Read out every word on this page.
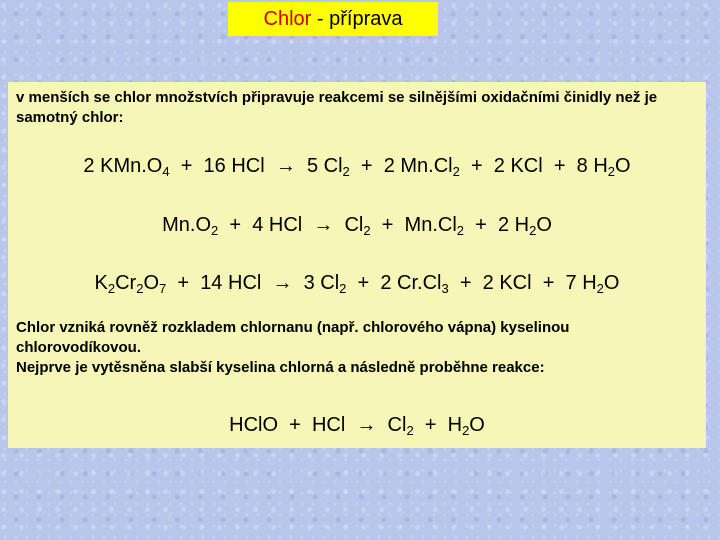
Chlor - příprava
v menších se chlor množstvích připravuje reakcemi se silnějšími oxidačními činidly než je samotný chlor:
2 $KMn.O_4 + 16$ HCl → 5 $Cl_2 + 2$ $Mn.Cl_2 + 2$ KCl + 8 $H_2O$
$Mn.O_2 + 4$ HCl → $Cl_2 + Mn.Cl_2 + 2$ $H_2O$
$K_2Cr_2O_7 + 14$ HCl → 3 $Cl_2 + 2$ $Cr.Cl_3 + 2$ KCl + 7 $H_2O$
Chlor vzniká rovněž rozkladem chlornanu (např. chlorového vápna) kyselinou
chlorovodíkovou.
Nejprve je vytěsněna slabší kyselina chlorná a následně proběhne reakce:
HClO + HCl → $Cl_2 + H_2O$
